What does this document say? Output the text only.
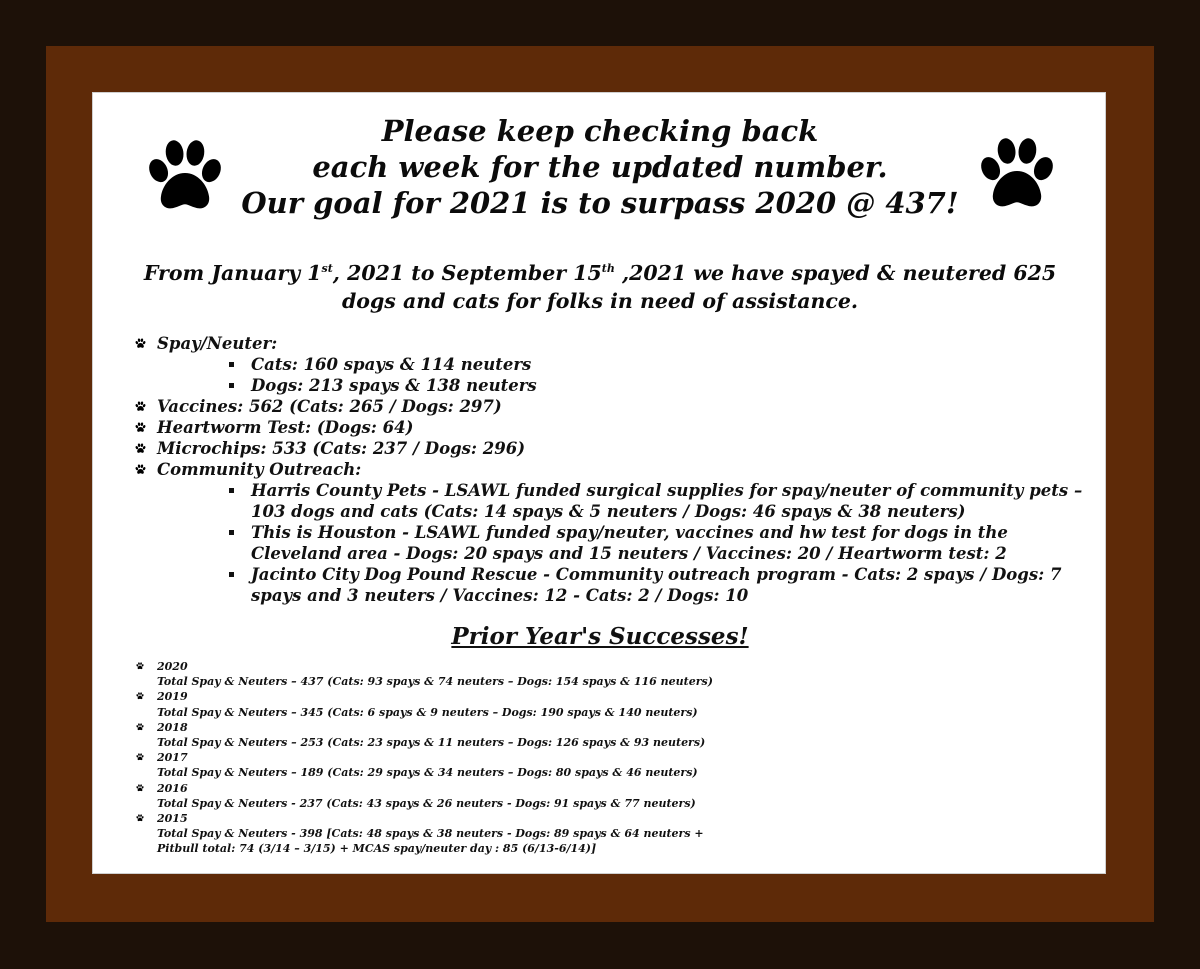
Please keep checking back
each week for the updated number.
Our goal for 2021 is to surpass 2020 @ 437!
From January 1st, 2021 to September 15th ,2021 we have spayed & neutered 625
dogs and cats for folks in need of assistance.
Spay/Neuter:
Cats: 160 spays & 114 neuters
Dogs: 213 spays & 138 neuters
Vaccines: 562 (Cats: 265 / Dogs: 297)
Heartworm Test: (Dogs: 64)
Microchips: 533 (Cats: 237 / Dogs: 296)
Community Outreach:
Harris County Pets - LSAWL funded surgical supplies for spay/neuter of community pets – 103 dogs and cats (Cats: 14 spays & 5 neuters / Dogs: 46 spays & 38 neuters)
This is Houston - LSAWL funded spay/neuter, vaccines and hw test for dogs in the Cleveland area - Dogs: 20 spays and 15 neuters / Vaccines: 20 / Heartworm test: 2
Jacinto City Dog Pound Rescue - Community outreach program - Cats: 2 spays / Dogs: 7 spays and 3 neuters / Vaccines: 12 - Cats: 2 / Dogs: 10
Prior Year's Successes!
2020
Total Spay & Neuters – 437 (Cats: 93 spays & 74 neuters – Dogs: 154 spays & 116 neuters)
2019
Total Spay & Neuters – 345 (Cats: 6 spays & 9 neuters – Dogs: 190 spays & 140 neuters)
2018
Total Spay & Neuters – 253 (Cats: 23 spays & 11 neuters – Dogs: 126 spays & 93 neuters)
2017
Total Spay & Neuters – 189 (Cats: 29 spays & 34 neuters – Dogs: 80 spays & 46 neuters)
2016
Total Spay & Neuters - 237 (Cats: 43 spays & 26 neuters - Dogs: 91 spays & 77 neuters)
2015
Total Spay & Neuters - 398 [Cats: 48 spays & 38 neuters - Dogs: 89 spays & 64 neuters +
Pitbull total: 74 (3/14 – 3/15) + MCAS spay/neuter day : 85 (6/13-6/14)]
